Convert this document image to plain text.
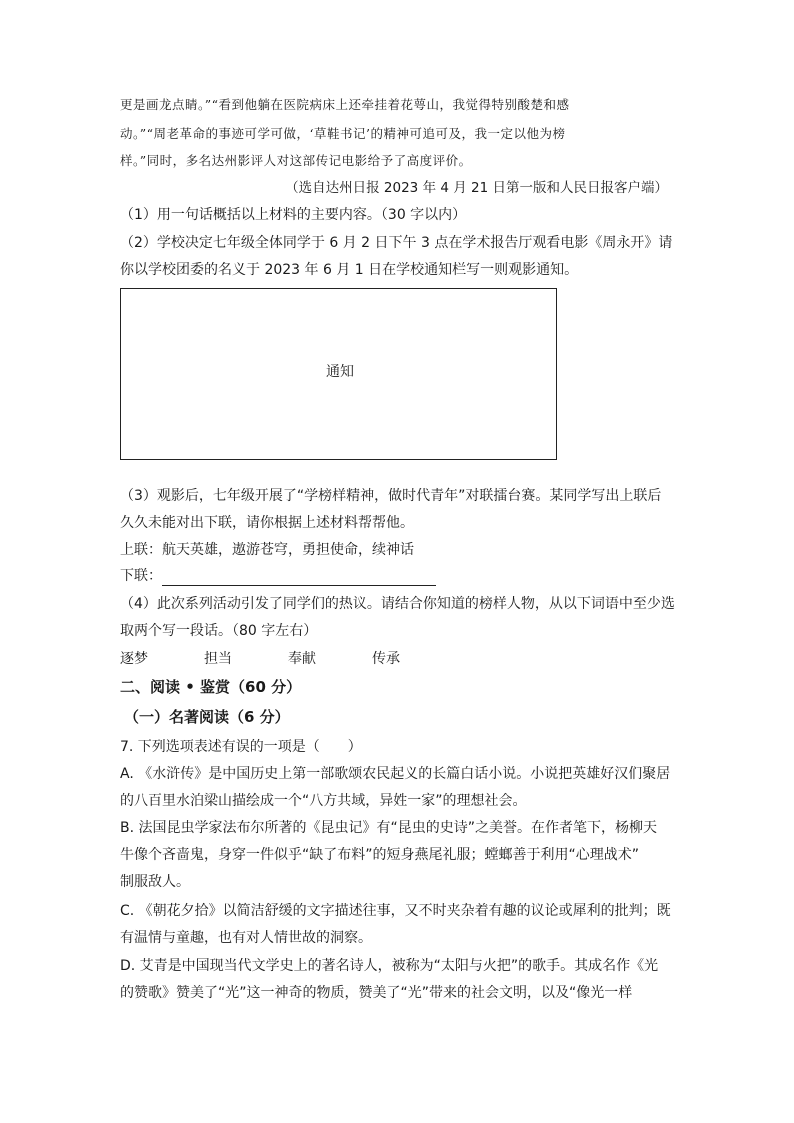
更是画龙点睛。”“看到他躺在医院病床上还牵挂着花萼山，我觉得特别酸楚和感
动。”“周老革命的事迹可学可做，‘草鞋书记’的精神可追可及，我一定以他为榜
样。”同时，多名达州影评人对这部传记电影给予了高度评价。
（选自达州日报 2023 年 4 月 21 日第一版和人民日报客户端）
（1）用一句话概括以上材料的主要内容。（30 字以内）
（2）学校决定七年级全体同学于 6 月 2 日下午 3 点在学术报告厅观看电影《周永开》请
你以学校团委的名义于 2023 年 6 月 1 日在学校通知栏写一则观影通知。
通知
（3）观影后，七年级开展了“学榜样精神，做时代青年”对联擂台赛。某同学写出上联后
久久未能对出下联，请你根据上述材料帮帮他。
上联：航天英雄，遨游苍穹，勇担使命，续神话
下联：
（4）此次系列活动引发了同学们的热议。请结合你知道的榜样人物，从以下词语中至少选
取两个写一段话。（80 字左右）
逐梦	担当	奉献	传承
二、阅读 • 鉴赏（60 分）
（一）名著阅读（6 分）
7. 下列选项表述有误的一项是（　　）
A. 《水浒传》是中国历史上第一部歌颂农民起义的长篇白话小说。小说把英雄好汉们聚居
的八百里水泊梁山描绘成一个“八方共域，异姓一家”的理想社会。
B. 法国昆虫学家法布尔所著的《昆虫记》有“昆虫的史诗”之美誉。在作者笔下，杨柳天
牛像个吝啬鬼，身穿一件似乎“缺了布料”的短身燕尾礼服；螳螂善于利用“心理战术”
制服敌人。
C. 《朝花夕拾》以简洁舒缓的文字描述往事，又不时夹杂着有趣的议论或犀利的批判；既
有温情与童趣，也有对人情世故的洞察。
D. 艾青是中国现当代文学史上的著名诗人，被称为“太阳与火把”的歌手。其成名作《光
的赞歌》赞美了“光”这一神奇的物质，赞美了“光”带来的社会文明，以及“像光一样
